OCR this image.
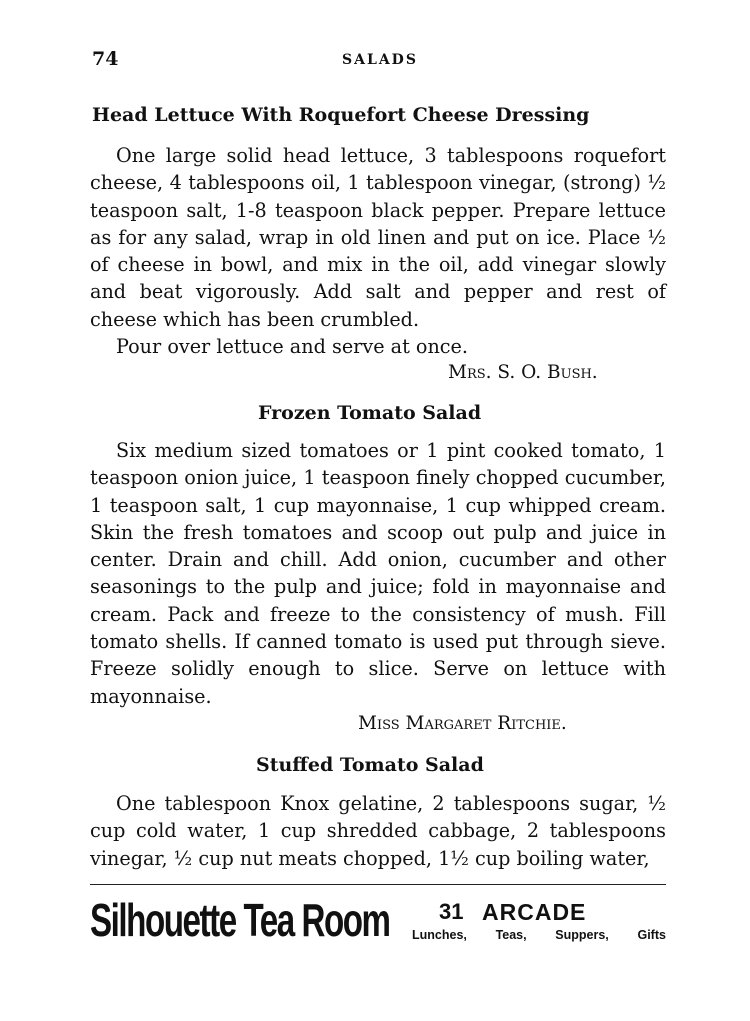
74	SALADS
Head Lettuce With Roquefort Cheese Dressing

One large solid head lettuce, 3 tablespoons roquefort cheese, 4 tablespoons oil, 1 tablespoon vinegar, (strong) ½ teaspoon salt, 1-8 teaspoon black pepper. Prepare lettuce as for any salad, wrap in old linen and put on ice. Place ½ of cheese in bowl, and mix in the oil, add vinegar slowly and beat vigorously. Add salt and pepper and rest of cheese which has been crumbled.

Pour over lettuce and serve at once.

Mrs. S. O. Bush.
Frozen Tomato Salad

Six medium sized tomatoes or 1 pint cooked tomato, 1 teaspoon onion juice, 1 teaspoon finely chopped cucumber, 1 teaspoon salt, 1 cup mayonnaise, 1 cup whipped cream. Skin the fresh tomatoes and scoop out pulp and juice in center. Drain and chill. Add onion, cucumber and other seasonings to the pulp and juice; fold in mayonnaise and cream. Pack and freeze to the consistency of mush. Fill tomato shells. If canned tomato is used put through sieve. Freeze solidly enough to slice. Serve on lettuce with mayonnaise.

Miss Margaret Ritchie.
Stuffed Tomato Salad

One tablespoon Knox gelatine, 2 tablespoons sugar, ½ cup cold water, 1 cup shredded cabbage, 2 tablespoons vinegar, ½ cup nut meats chopped, 1½ cup boiling water,

Silhouette Tea Room 31 ARCADE
Lunches, Teas, Suppers, Gifts
